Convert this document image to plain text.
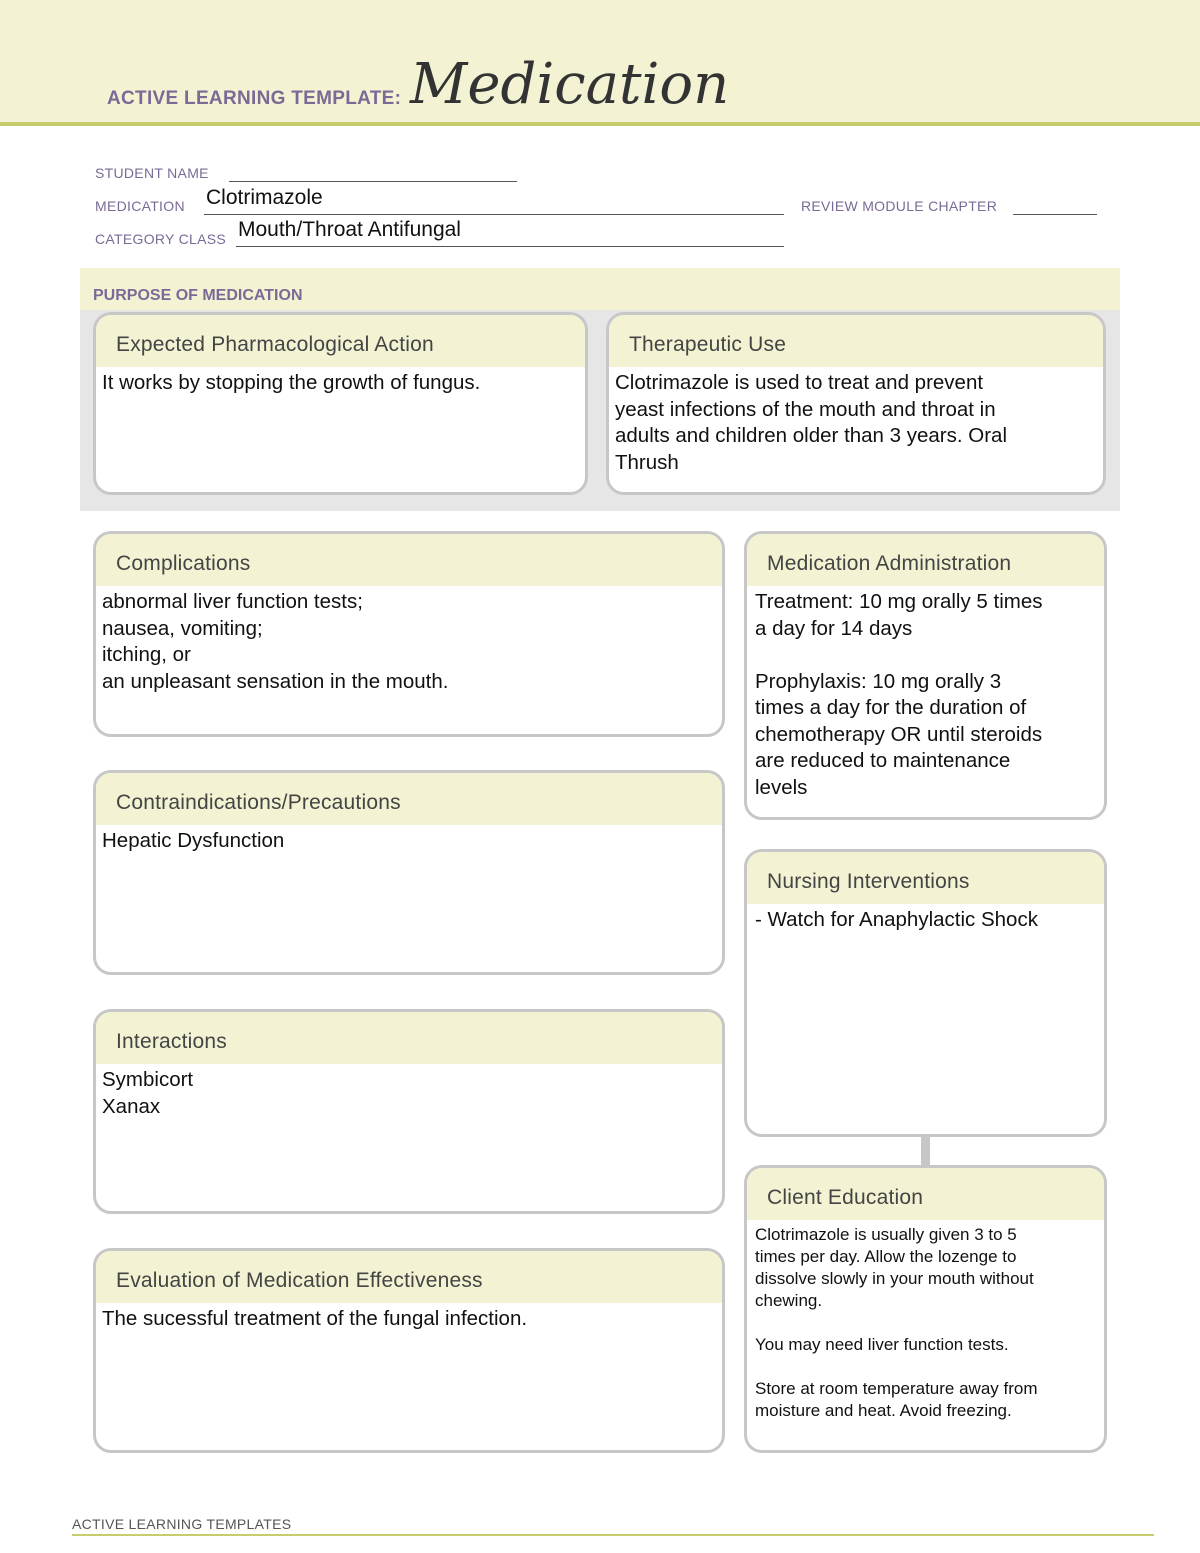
ACTIVE LEARNING TEMPLATE: Medication
STUDENT NAME
MEDICATION Clotrimazole	REVIEW MODULE CHAPTER
CATEGORY CLASS Mouth/Throat Antifungal
PURPOSE OF MEDICATION
Expected Pharmacological Action
It works by stopping the growth of fungus.
Therapeutic Use
Clotrimazole is used to treat and prevent
yeast infections of the mouth and throat in
adults and children older than 3 years. Oral
Thrush
Complications
abnormal liver function tests;
nausea, vomiting;
itching, or
an unpleasant sensation in the mouth.
Contraindications/Precautions
Hepatic Dysfunction
Interactions
Symbicort
Xanax
Evaluation of Medication Effectiveness
The sucessful treatment of the fungal infection.
Medication Administration
Treatment: 10 mg orally 5 times
a day for 14 days
Prophylaxis: 10 mg orally 3
times a day for the duration of
chemotherapy OR until steroids
are reduced to maintenance
levels
Nursing Interventions
- Watch for Anaphylactic Shock
Client Education
Clotrimazole is usually given 3 to 5
times per day. Allow the lozenge to
dissolve slowly in your mouth without
chewing.
You may need liver function tests.
Store at room temperature away from
moisture and heat. Avoid freezing.
ACTIVE LEARNING TEMPLATES
